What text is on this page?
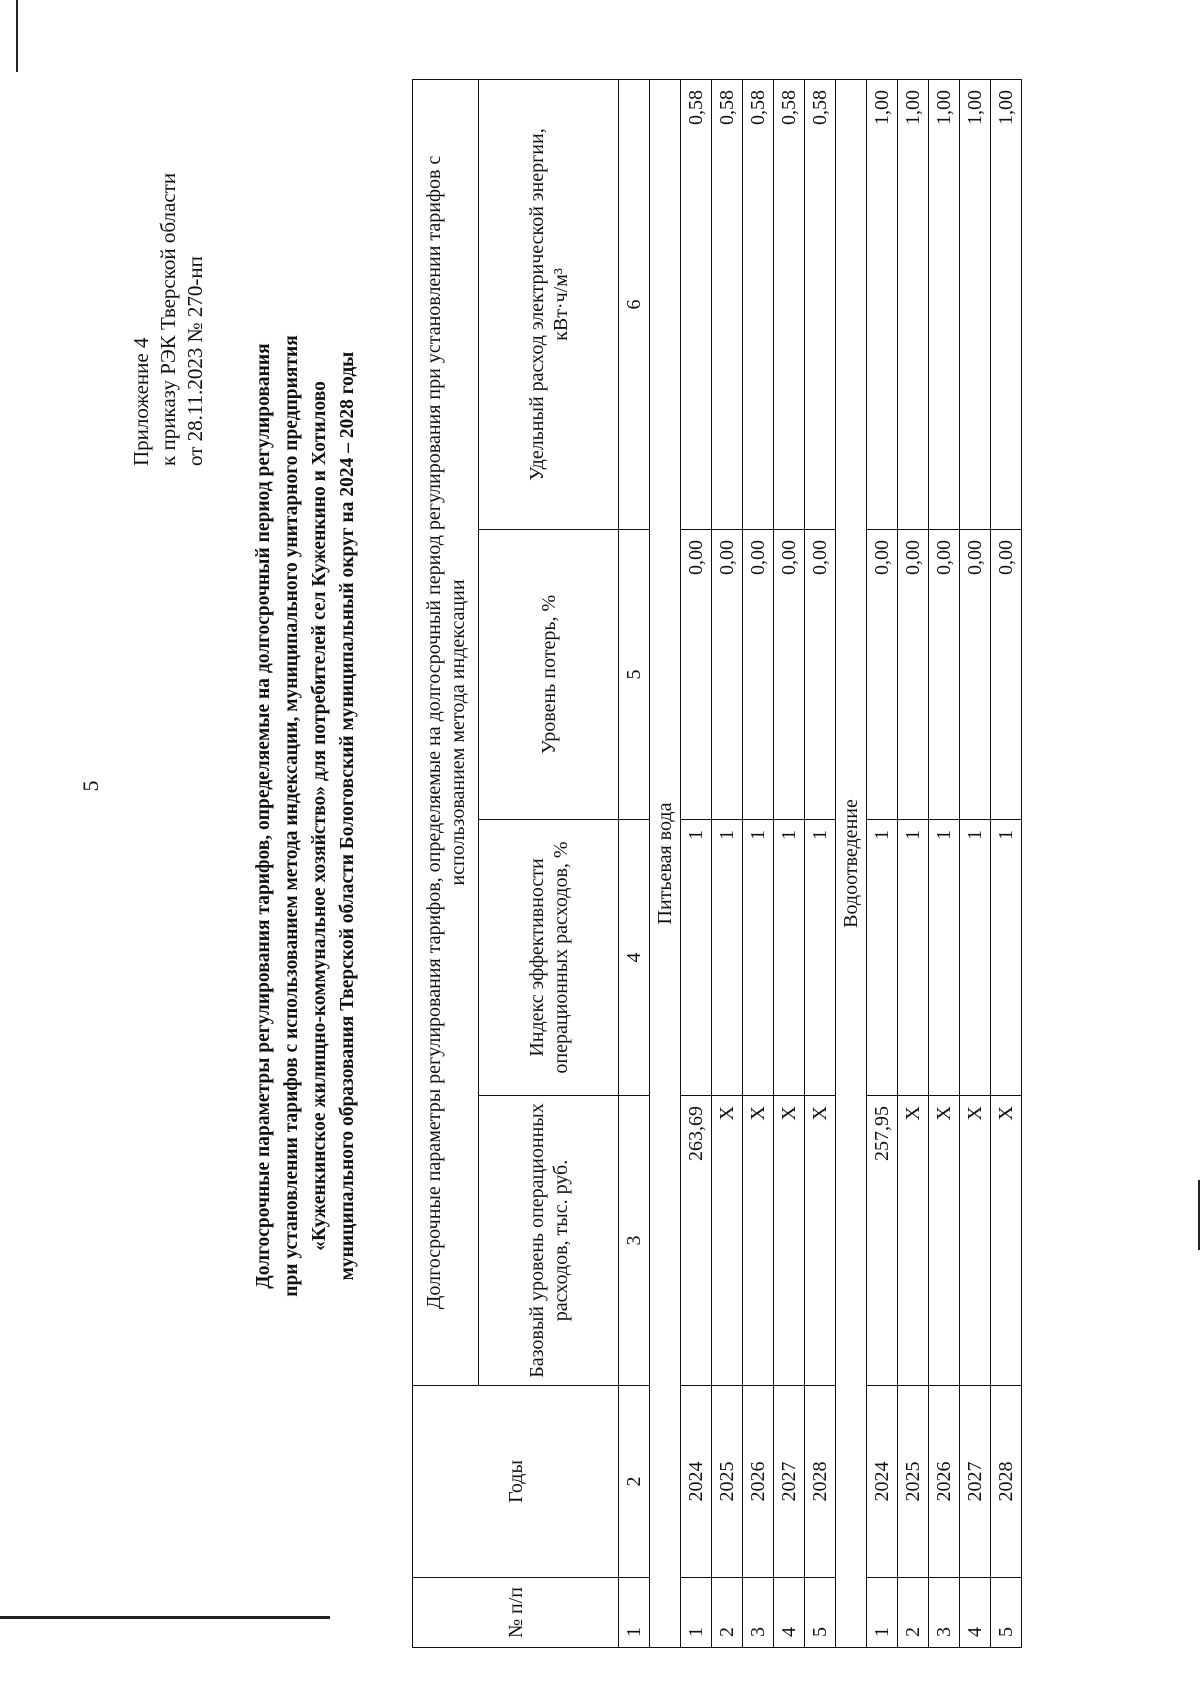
5
Приложение 4 к приказу РЭК Тверской области от 28.11.2023 № 270-нп Долгосрочные параметры регулирования тарифов, определяемые на долгосрочный период регулирования при установлении тарифов с использованием метода индексации, муниципального унитарного предприятия «Куженкинское жилищно-коммунальное хозяйство» для потребителей сел Куженкино и Хотилово муниципального образования Тверской области Бологовский муниципальный округ на 2024 – 2028 годы
№ п/п	Годы	Долгосрочные параметры регулирования тарифов, определяемые на долгосрочный период регулирования при установлении тарифов с использованием метода индексации			
		Базовый уровень операционных расходов, тыс. руб.	Индекс эффективности операционных расходов, %	Уровень потерь, %	Удельный расход электрической энергии, кВт·ч/м³
1	2	3	4	5	6
Питьевая вода					
1	2024	263,69	1	0,00	0,58
2	2025	Х	1	0,00	0,58
3	2026	Х	1	0,00	0,58
4	2027	Х	1	0,00	0,58
5	2028	Х	1	0,00	0,58
Водоотведение					
1	2024	257,95	1	0,00	1,00
2	2025	Х	1	0,00	1,00
3	2026	Х	1	0,00	1,00
4	2027	Х	1	0,00	1,00
5	2028	Х	1	0,00	1,00
